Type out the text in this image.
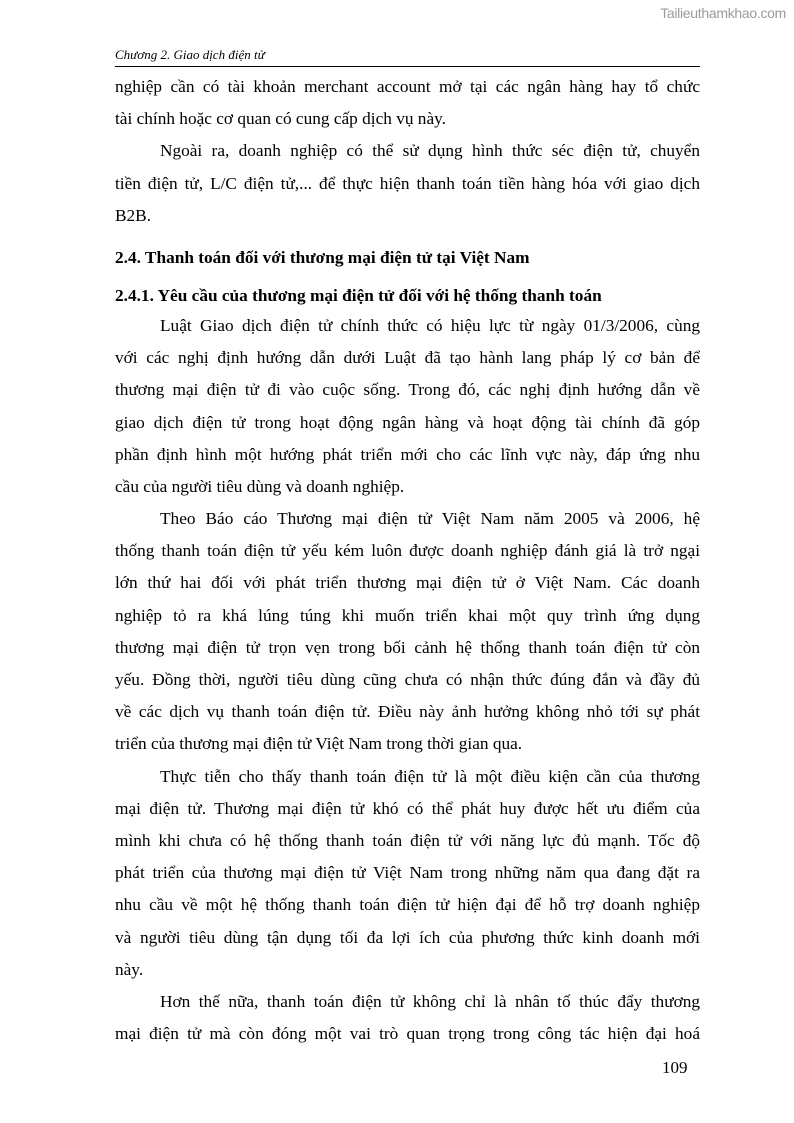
Tailieuthamkhao.com
Chương 2. Giao dịch điện tử
nghiệp cần có tài khoản merchant account mở tại các ngân hàng hay tổ chức
tài chính hoặc cơ quan có cung cấp dịch vụ này.
Ngoài ra, doanh nghiệp có thể sử dụng hình thức séc điện tử, chuyển
tiền điện tử, L/C điện tử,... để thực hiện thanh toán tiền hàng hóa với giao dịch
B2B.
2.4. Thanh toán đối với thương mại điện tử tại Việt Nam
2.4.1. Yêu cầu của thương mại điện tử đối với hệ thống thanh toán
Luật Giao dịch điện tử chính thức có hiệu lực từ ngày 01/3/2006, cùng
với các nghị định hướng dẫn dưới Luật đã tạo hành lang pháp lý cơ bản để
thương mại điện tử đi vào cuộc sống. Trong đó, các nghị định hướng dẫn về
giao dịch điện tử trong hoạt động ngân hàng và hoạt động tài chính đã góp
phần định hình một hướng phát triển mới cho các lĩnh vực này, đáp ứng nhu
cầu của người tiêu dùng và doanh nghiệp.
Theo Báo cáo Thương mại điện tử Việt Nam năm 2005 và 2006, hệ
thống thanh toán điện tử yếu kém luôn được doanh nghiệp đánh giá là trở ngại
lớn thứ hai đối với phát triển thương mại điện tử ở Việt Nam. Các doanh
nghiệp tỏ ra khá lúng túng khi muốn triển khai một quy trình ứng dụng
thương mại điện tử trọn vẹn trong bối cảnh hệ thống thanh toán điện tử còn
yếu. Đồng thời, người tiêu dùng cũng chưa có nhận thức đúng đắn và đầy đủ
về các dịch vụ thanh toán điện tử. Điều này ảnh hưởng không nhỏ tới sự phát
triển của thương mại điện tử Việt Nam trong thời gian qua.
Thực tiễn cho thấy thanh toán điện tử là một điều kiện cần của thương
mại điện tử. Thương mại điện tử khó có thể phát huy được hết ưu điểm của
mình khi chưa có hệ thống thanh toán điện tử với năng lực đủ mạnh. Tốc độ
phát triển của thương mại điện tử Việt Nam trong những năm qua đang đặt ra
nhu cầu về một hệ thống thanh toán điện tử hiện đại để hỗ trợ doanh nghiệp
và người tiêu dùng tận dụng tối đa lợi ích của phương thức kinh doanh mới
này.
Hơn thế nữa, thanh toán điện tử không chỉ là nhân tố thúc đẩy thương
mại điện tử mà còn đóng một vai trò quan trọng trong công tác hiện đại hoá
109
